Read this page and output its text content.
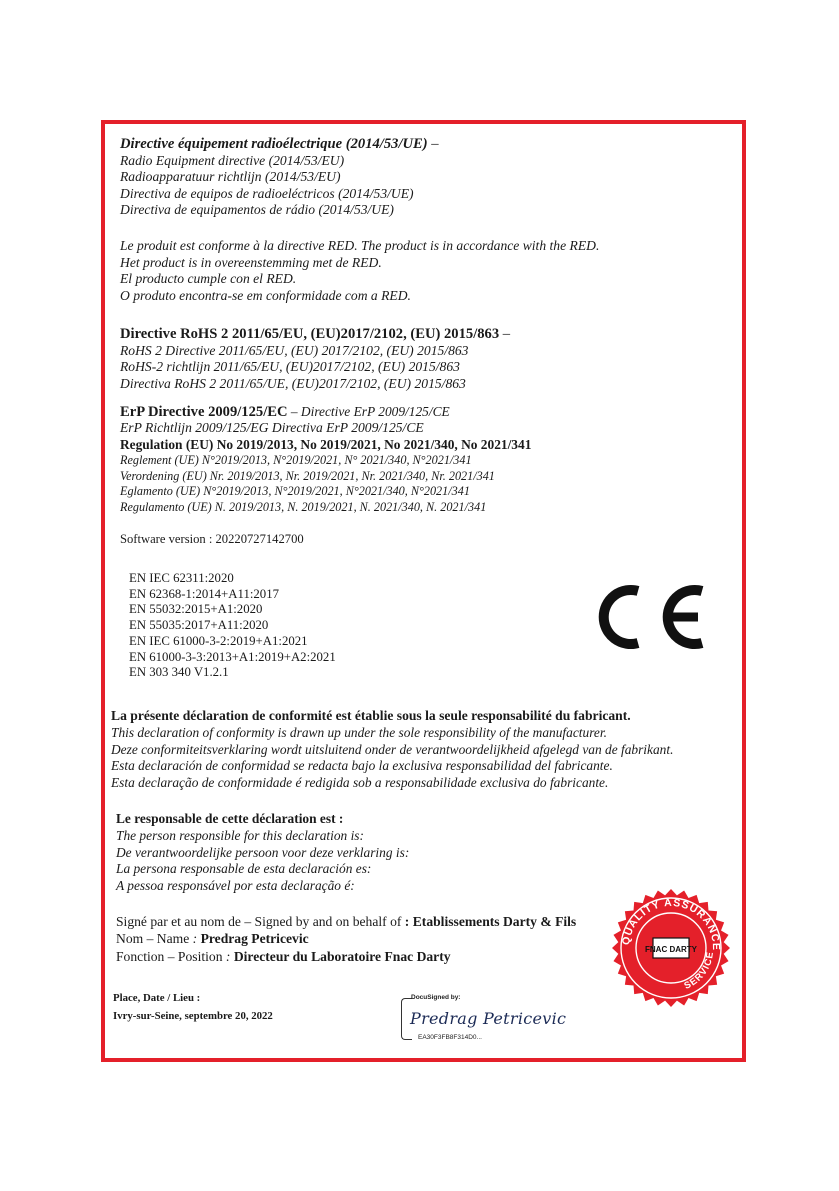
Directive équipement radioélectrique (2014/53/UE) –
Radio Equipment directive (2014/53/EU)
Radioapparatuur richtlijn (2014/53/EU)
Directiva de equipos de radioeléctricos (2014/53/UE)
Directiva de equipamentos de rádio (2014/53/UE)
Le produit est conforme à la directive RED. The product is in accordance with the RED.
Het product is in overeenstemming met de RED.
El producto cumple con el RED.
O produto encontra-se em conformidade com a RED.
Directive RoHS 2 2011/65/EU, (EU)2017/2102, (EU) 2015/863 –
RoHS 2 Directive 2011/65/EU, (EU) 2017/2102, (EU) 2015/863
RoHS-2 richtlijn 2011/65/EU, (EU)2017/2102, (EU) 2015/863
Directiva RoHS 2 2011/65/UE, (EU)2017/2102, (EU) 2015/863
ErP Directive 2009/125/EC – Directive ErP 2009/125/CE
ErP Richtlijn 2009/125/EG Directiva ErP 2009/125/CE
Regulation (EU) No 2019/2013, No 2019/2021, No 2021/340, No 2021/341
Reglement (UE) N°2019/2013, N°2019/2021, N° 2021/340, N°2021/341
Verordening (EU) Nr. 2019/2013, Nr. 2019/2021, Nr. 2021/340, Nr. 2021/341
Eglamento (UE) N°2019/2013, N°2019/2021, N°2021/340, N°2021/341
Regulamento (UE) N. 2019/2013, N. 2019/2021, N. 2021/340, N. 2021/341
Software version : 20220727142700
EN IEC 62311:2020
EN 62368-1:2014+A11:2017
EN 55032:2015+A1:2020
EN 55035:2017+A11:2020
EN IEC 61000-3-2:2019+A1:2021
EN 61000-3-3:2013+A1:2019+A2:2021
EN 303 340 V1.2.1
La présente déclaration de conformité est établie sous la seule responsabilité du fabricant.
This declaration of conformity is drawn up under the sole responsibility of the manufacturer.
Deze conformiteitsverklaring wordt uitsluitend onder de verantwoordelijkheid afgelegd van de fabrikant.
Esta declaración de conformidad se redacta bajo la exclusiva responsabilidad del fabricante.
Esta declaração de conformidade é redigida sob a responsabilidade exclusiva do fabricante.
Le responsable de cette déclaration est :
The person responsible for this declaration is:
De verantwoordelijke persoon voor deze verklaring is:
La persona responsable de esta declaración es:
A pessoa responsável por esta declaração é:
Signé par et au nom de – Signed by and on behalf of : Etablissements Darty & Fils
Nom – Name : Predrag Petricevic
Fonction – Position : Directeur du Laboratoire Fnac Darty
Place, Date / Lieu :
Ivry-sur-Seine, septembre 20, 2022
DocuSigned by:
Predrag Petricevic
EA30F3FB8F314D0...
QUALITY ASSURANCE
SERVICE
FNAC DARTY
